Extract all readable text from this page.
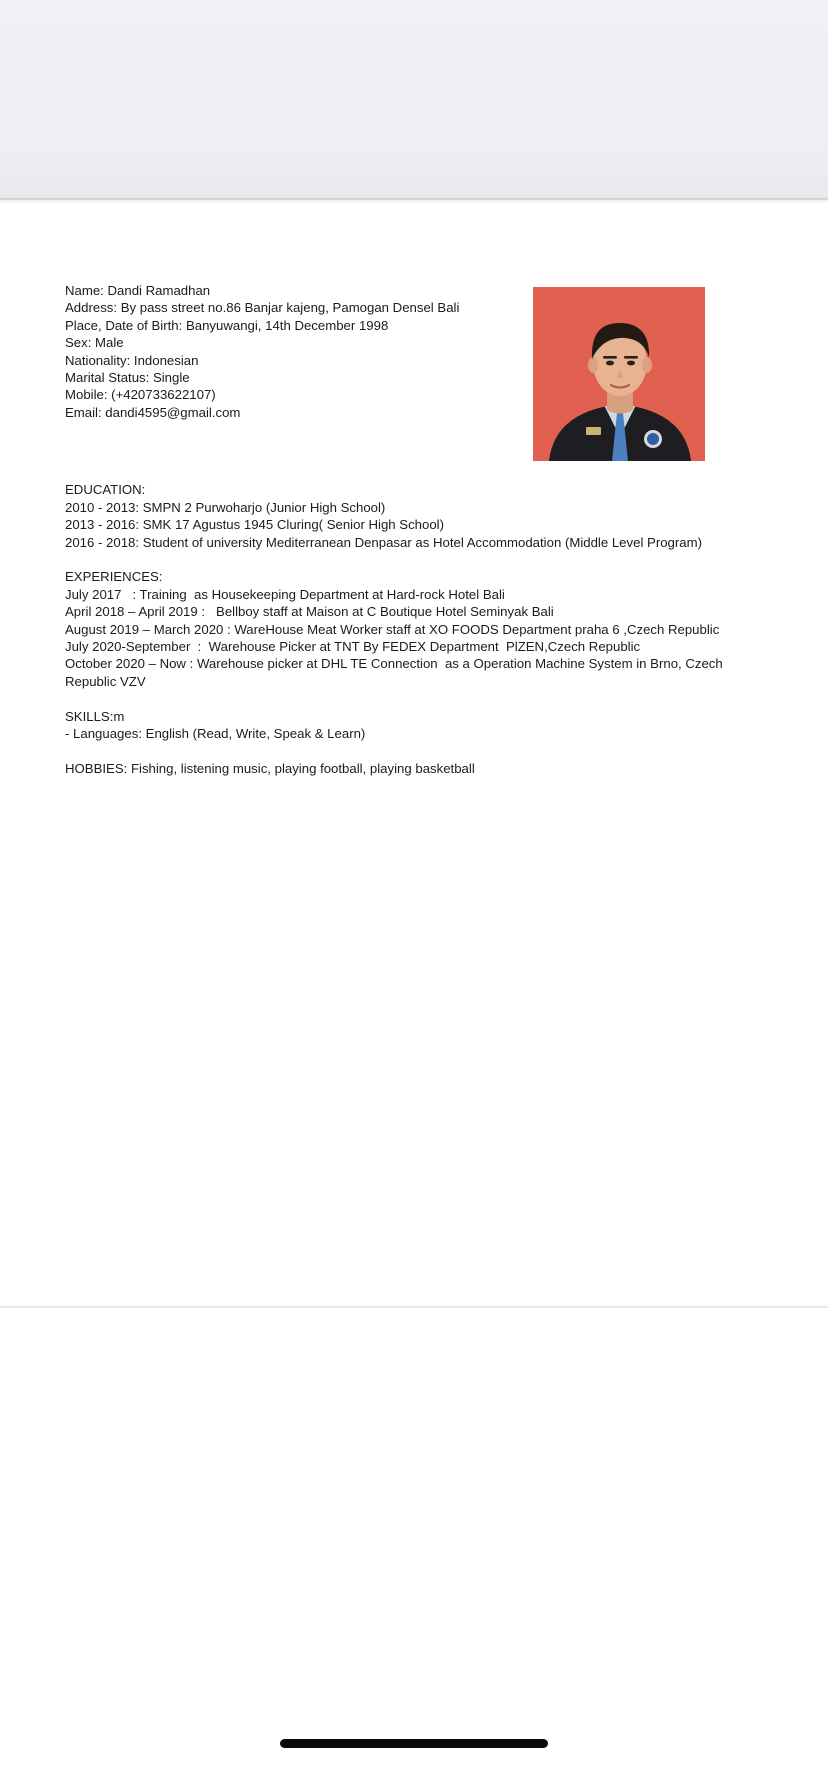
Name: Dandi Ramadhan
Address: By pass street no.86 Banjar kajeng, Pamogan Densel Bali
Place, Date of Birth: Banyuwangi, 14th December 1998
Sex: Male
Nationality: Indonesian
Marital Status: Single
Mobile: (+420733622107)
Email: dandi4595@gmail.com
EDUCATION:
2010 - 2013: SMPN 2 Purwoharjo (Junior High School)
2013 - 2016: SMK 17 Agustus 1945 Cluring( Senior High School)
2016 - 2018: Student of university Mediterranean Denpasar as Hotel Accommodation (Middle Level Program)
EXPERIENCES:
July 2017   : Training  as Housekeeping Department at Hard-rock Hotel Bali
April 2018 – April 2019 :   Bellboy staff at Maison at C Boutique Hotel Seminyak Bali
August 2019 – March 2020 : WareHouse Meat Worker staff at XO FOODS Department praha 6 ,Czech Republic
July 2020-September  :  Warehouse Picker at TNT By FEDEX Department  PlZEN,Czech Republic
October 2020 – Now : Warehouse picker at DHL TE Connection  as a Operation Machine System in Brno, Czech Republic VZV
SKILLS:m
- Languages: English (Read, Write, Speak & Learn)
HOBBIES: Fishing, listening music, playing football, playing basketball
